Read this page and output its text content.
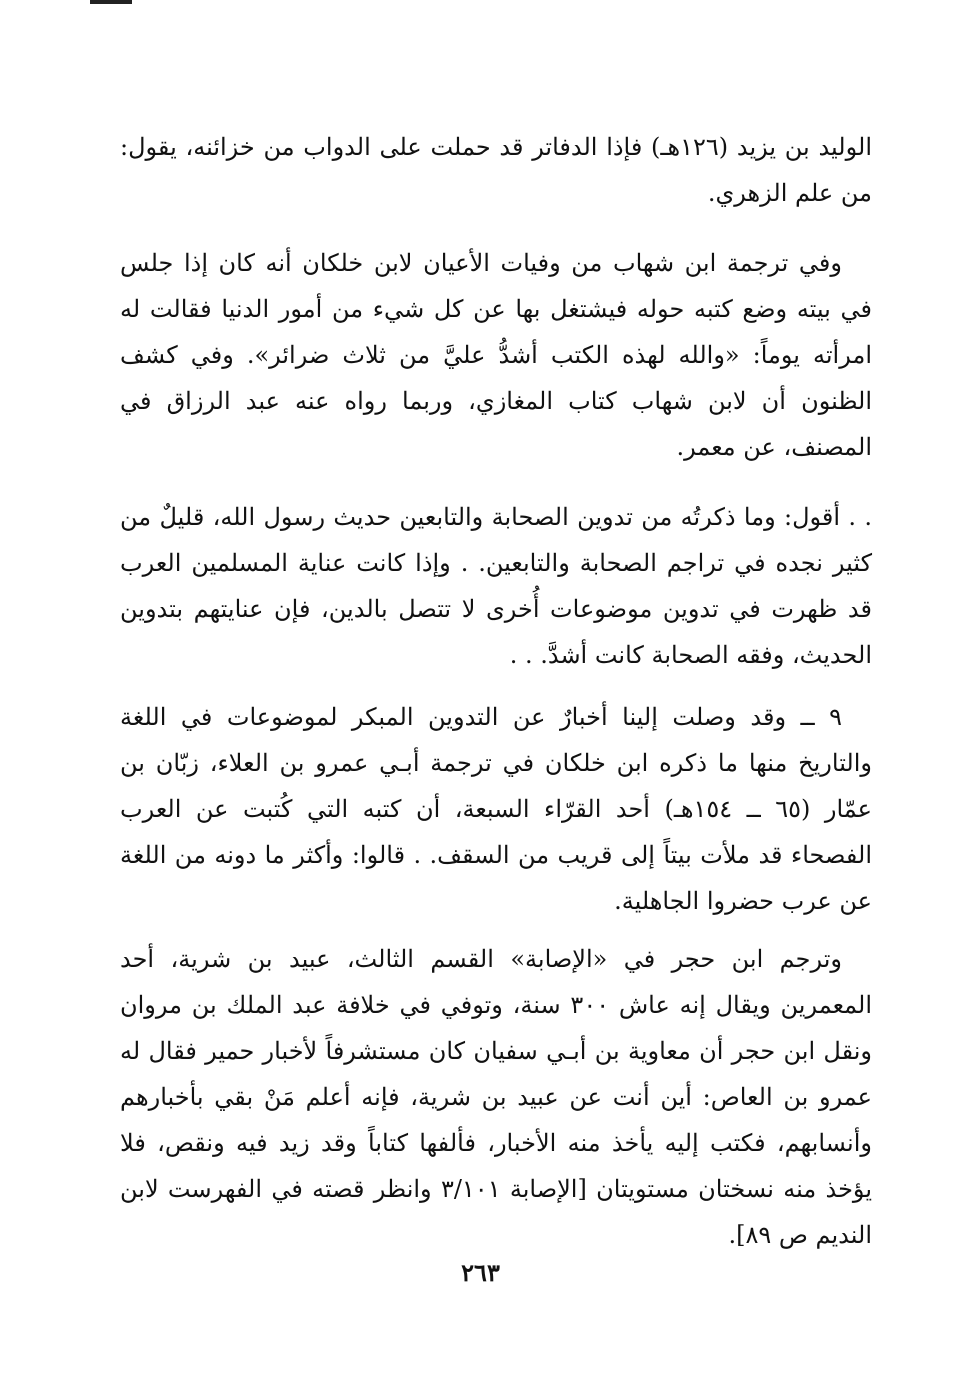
الوليد بن يزيد (١٢٦هـ) فإذا الدفاتر قد حملت على الدواب من خزائنه، يقول: من علم الزهري.

وفي ترجمة ابن شهاب من وفيات الأعيان لابن خلكان أنه كان إذا جلس في بيته وضع كتبه حوله فيشتغل بها عن كل شيء من أمور الدنيا فقالت له امرأته يوماً: «والله لهذه الكتب أشدُّ عليَّ من ثلاث ضرائر». وفي كشف الظنون أن لابن شهاب كتاب المغازي، وربما رواه عنه عبد الرزاق في المصنف، عن معمر.

. . أقول: وما ذكرتُه من تدوين الصحابة والتابعين حديث رسول الله، قليلٌ من كثير نجده في تراجم الصحابة والتابعين. . وإذا كانت عناية المسلمين العرب قد ظهرت في تدوين موضوعات أُخرى لا تتصل بالدين، فإن عنايتهم بتدوين الحديث، وفقه الصحابة كانت أشدَّ. . .

٩ ــ وقد وصلت إلينا أخبارٌ عن التدوين المبكر لموضوعات في اللغة والتاريخ منها ما ذكره ابن خلكان في ترجمة أبـي عمرو بن العلاء، زبّان بن عمّار (٦٥ ــ ١٥٤هـ) أحد القرّاء السبعة، أن كتبه التي كُتبت عن العرب الفصحاء قد ملأت بيتاً إلى قريب من السقف. . قالوا: وأكثر ما دونه من اللغة عن عرب حضروا الجاهلية.

وترجم ابن حجر في «الإصابة» القسم الثالث، عبيد بن شرية، أحد المعمرين ويقال إنه عاش ٣٠٠ سنة، وتوفي في خلافة عبد الملك بن مروان ونقل ابن حجر أن معاوية بن أبـي سفيان كان مستشرفاً لأخبار حمير فقال له عمرو بن العاص: أين أنت عن عبيد بن شرية، فإنه أعلم مَنْ بقي بأخبارهم وأنسابهم، فكتب إليه يأخذ منه الأخبار، فألفها كتاباً وقد زيد فيه ونقص، فلا يؤخذ منه نسختان مستويتان [الإصابة ٣/١٠١ وانظر قصته في الفهرست لابن النديم ص ٨٩].

٢٦٣
